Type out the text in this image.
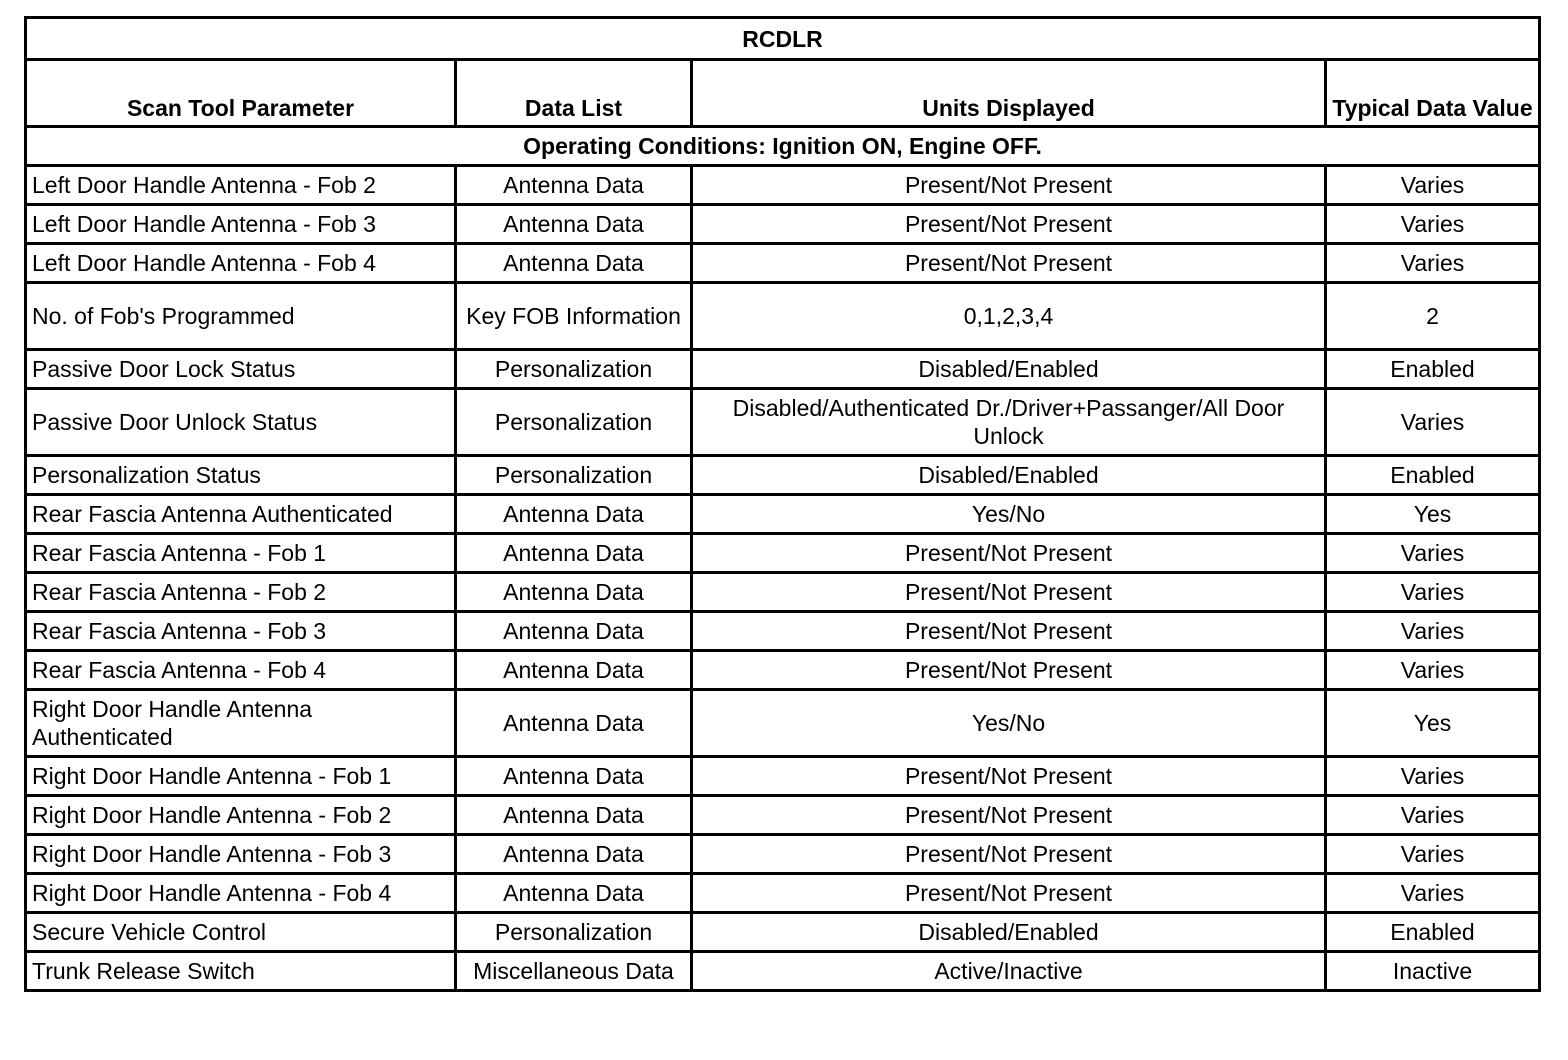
RCDLR			
Scan Tool Parameter	Data List	Units Displayed	Typical Data Value
Operating Conditions: Ignition ON, Engine OFF.			
Left Door Handle Antenna - Fob 2	Antenna Data	Present/Not Present	Varies
Left Door Handle Antenna - Fob 3	Antenna Data	Present/Not Present	Varies
Left Door Handle Antenna - Fob 4	Antenna Data	Present/Not Present	Varies
No. of Fob's Programmed	Key FOB Information	0,1,2,3,4	2
Passive Door Lock Status	Personalization	Disabled/Enabled	Enabled
Passive Door Unlock Status	Personalization	Disabled/Authenticated Dr./Driver+Passanger/All Door Unlock	Varies
Personalization Status	Personalization	Disabled/Enabled	Enabled
Rear Fascia Antenna Authenticated	Antenna Data	Yes/No	Yes
Rear Fascia Antenna - Fob 1	Antenna Data	Present/Not Present	Varies
Rear Fascia Antenna - Fob 2	Antenna Data	Present/Not Present	Varies
Rear Fascia Antenna - Fob 3	Antenna Data	Present/Not Present	Varies
Rear Fascia Antenna - Fob 4	Antenna Data	Present/Not Present	Varies
Right Door Handle Antenna Authenticated	Antenna Data	Yes/No	Yes
Right Door Handle Antenna - Fob 1	Antenna Data	Present/Not Present	Varies
Right Door Handle Antenna - Fob 2	Antenna Data	Present/Not Present	Varies
Right Door Handle Antenna - Fob 3	Antenna Data	Present/Not Present	Varies
Right Door Handle Antenna - Fob 4	Antenna Data	Present/Not Present	Varies
Secure Vehicle Control	Personalization	Disabled/Enabled	Enabled
Trunk Release Switch	Miscellaneous Data	Active/Inactive	Inactive
